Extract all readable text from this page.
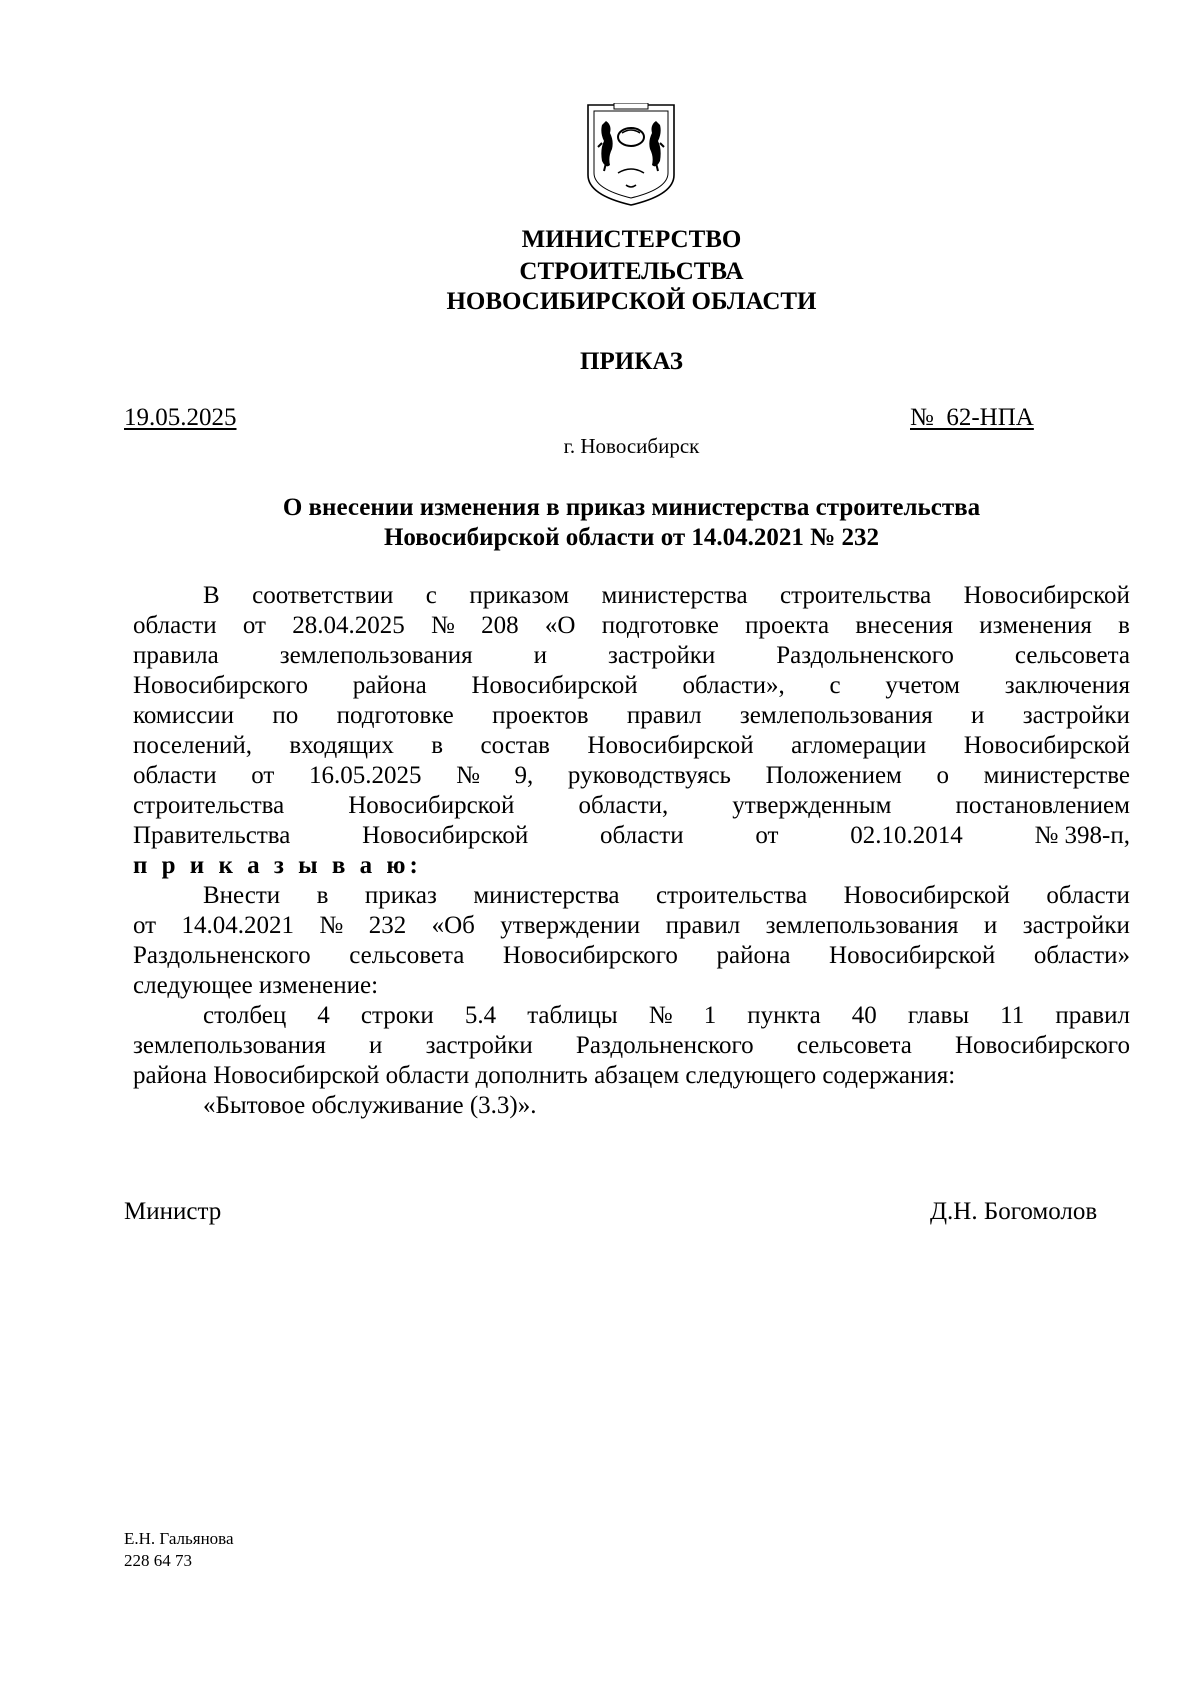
МИНИСТЕРСТВО
СТРОИТЕЛЬСТВА
НОВОСИБИРСКОЙ ОБЛАСТИ
ПРИКАЗ
19.05.2025	№  62-НПА
г. Новосибирск
О внесении изменения в приказ министерства строительства
Новосибирской области от 14.04.2021 № 232
В соответствии с приказом министерства строительства Новосибирской
области от 28.04.2025 № 208 «О подготовке проекта внесения изменения в
правила землепользования и застройки Раздольненского сельсовета
Новосибирского района Новосибирской области», с учетом заключения
комиссии по подготовке проектов правил землепользования и застройки
поселений, входящих в состав Новосибирской агломерации Новосибирской
области от 16.05.2025 № 9, руководствуясь Положением о министерстве
строительства	Новосибирской	области,	утвержденным	постановлением
Правительства	Новосибирской	области	от	02.10.2014	№ 398-п,
п р и к а з ы в а ю:
Внести в приказ министерства строительства Новосибирской области
от 14.04.2021 № 232 «Об утверждении правил землепользования и застройки
Раздольненского сельсовета Новосибирского района Новосибирской области»
следующее изменение:
столбец 4 строки 5.4 таблицы № 1 пункта 40 главы 11 правил
землепользования и застройки Раздольненского сельсовета Новосибирского
района Новосибирской области дополнить абзацем следующего содержания:
«Бытовое обслуживание (3.3)».
Министр	Д.Н. Богомолов
Е.Н. Гальянова
228 64 73
